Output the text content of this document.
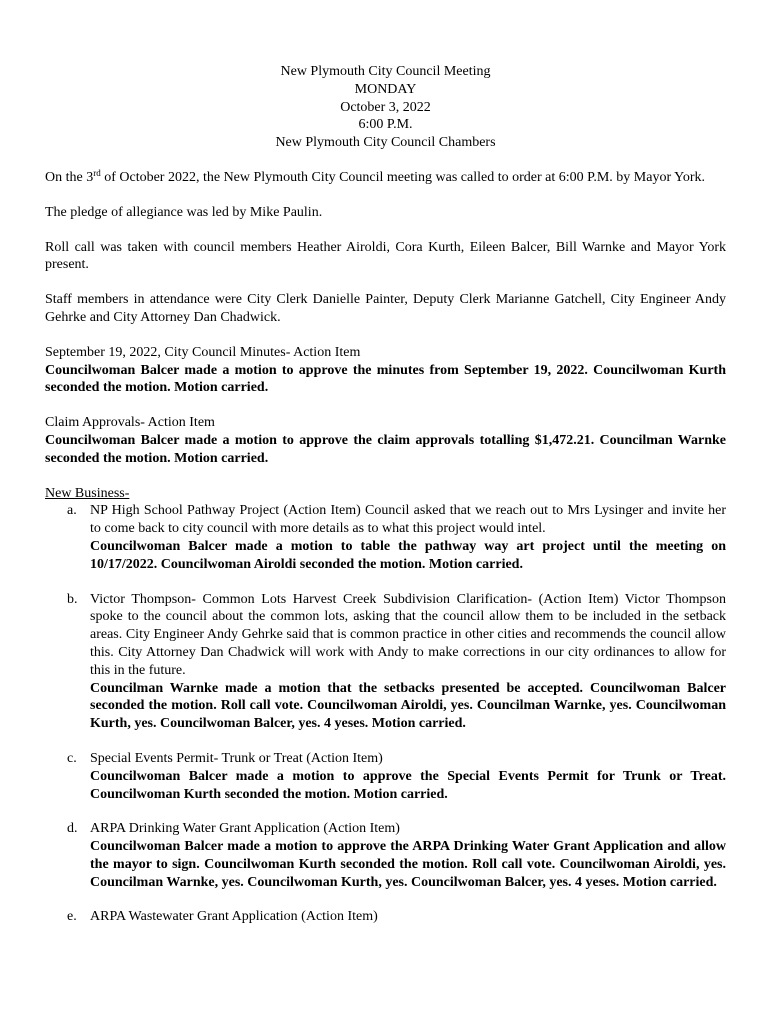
New Plymouth City Council Meeting
MONDAY
October 3, 2022
6:00 P.M.
New Plymouth City Council Chambers

On the 3rd of October 2022, the New Plymouth City Council meeting was called to order at 6:00 P.M. by Mayor York.

The pledge of allegiance was led by Mike Paulin.

Roll call was taken with council members Heather Airoldi, Cora Kurth, Eileen Balcer, Bill Warnke and Mayor York present.

Staff members in attendance were City Clerk Danielle Painter, Deputy Clerk Marianne Gatchell, City Engineer Andy Gehrke and City Attorney Dan Chadwick.

September 19, 2022, City Council Minutes- Action Item
Councilwoman Balcer made a motion to approve the minutes from September 19, 2022. Councilwoman Kurth seconded the motion. Motion carried.
Claim Approvals- Action Item
Councilwoman Balcer made a motion to approve the claim approvals totalling $1,472.21. Councilman Warnke seconded the motion. Motion carried.
New Business-
a. NP High School Pathway Project (Action Item) Council asked that we reach out to Mrs Lysinger and invite her to come back to city council with more details as to what this project would intel.
Councilwoman Balcer made a motion to table the pathway way art project until the meeting on 10/17/2022. Councilwoman Airoldi seconded the motion. Motion carried.
b. Victor Thompson- Common Lots Harvest Creek Subdivision Clarification- (Action Item) Victor Thompson spoke to the council about the common lots, asking that the council allow them to be included in the setback areas. City Engineer Andy Gehrke said that is common practice in other cities and recommends the council allow this. City Attorney Dan Chadwick will work with Andy to make corrections in our city ordinances to allow for this in the future.
Councilman Warnke made a motion that the setbacks presented be accepted. Councilwoman Balcer seconded the motion. Roll call vote. Councilwoman Airoldi, yes. Councilman Warnke, yes. Councilwoman Kurth, yes. Councilwoman Balcer, yes. 4 yeses. Motion carried.
c. Special Events Permit- Trunk or Treat (Action Item)
Councilwoman Balcer made a motion to approve the Special Events Permit for Trunk or Treat. Councilwoman Kurth seconded the motion. Motion carried.
d. ARPA Drinking Water Grant Application (Action Item)
Councilwoman Balcer made a motion to approve the ARPA Drinking Water Grant Application and allow the mayor to sign. Councilwoman Kurth seconded the motion. Roll call vote. Councilwoman Airoldi, yes. Councilman Warnke, yes. Councilwoman Kurth, yes. Councilwoman Balcer, yes. 4 yeses. Motion carried.
e. ARPA Wastewater Grant Application (Action Item)
